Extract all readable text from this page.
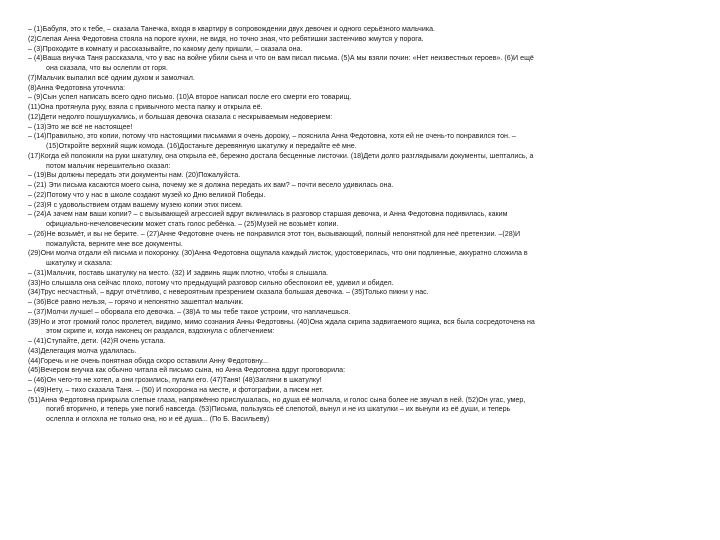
– (1)Бабуля, это к тебе, – сказала Танечка, входя в квартиру в сопровождении двух девочек и одного серьёзного мальчика.
(2)Слепая Анна Федотовна стояла на пороге кухни, не видя, но точно зная, что ребятишки застенчиво жмутся у порога.
– (3)Проходите в комнату и рассказывайте, по какому делу пришли, – сказала она.
– (4)Ваша внучка Таня рассказала, что у вас на войне убили сына и что он вам писал письма. (5)А мы взяли почин: «Нет неизвестных героев». (6)И ещё
она сказала, что вы ослепли от горя.
(7)Мальчик выпалил всё одним духом и замолчал.
(8)Анна Федотовна уточнила:
– (9)Сын успел написать всего одно письмо. (10)А второе написал после его смерти его товарищ.
(11)Она протянула руку, взяла с привычного места папку и открыла её.
(12)Дети недолго пошушукались, и большая девочка сказала с нескрываемым недоверием:
– (13)Это же всё не настоящее!
– (14)Правильно, это копии, потому что настоящими письмами я очень дорожу, – пояснила Анна Федотовна, хотя ей не очень-то понравился тон. –
(15)Откройте верхний ящик комода. (16)Достаньте деревянную шкатулку и передайте её мне.
(17)Когда ей положили на руки шкатулку, она открыла её, бережно достала бесценные листочки. (18)Дети долго разглядывали документы, шептались, а
потом мальчик нерешительно сказал:
– (19)Вы должны передать эти документы нам. (20)Пожалуйста.
– (21) Эти письма касаются моего сына, почему же я должна передать их вам? – почти весело удивилась она.
– (22)Потому что у нас в школе создают музей ко Дню великой Победы.
– (23)Я с удовольствием отдам вашему музею копии этих писем.
– (24)А зачем нам ваши копии? – с вызывающей агрессией вдруг вклинилась в разговор старшая девочка, и Анна Федотовна подивилась, каким
официально-нечеловеческим может стать голос ребёнка. – (25)Музей не возьмёт копии.
– (26)Не возьмёт, и вы не берите. – (27)Анне Федотовне очень не понравился этот тон, вызывающий, полный непонятной для неё претензии. –(28)И
пожалуйста, верните мне все документы.
(29)Они молча отдали ей письма и похоронку. (30)Анна Федотовна ощупала каждый листок, удостоверилась, что они подлинные, аккуратно сложила в
шкатулку и сказала:
– (31)Мальчик, поставь шкатулку на место. (32) И задвинь ящик плотно, чтобы я слышала.
(33)Но слышала она сейчас плохо, потому что предыдущий разговор сильно обеспокоил её, удивил и обидел.
(34)Трус несчастный, – вдруг отчётливо, с невероятным презрением сказала большая девочка. – (35)Только пикни у нас.
– (36)Всё равно нельзя, – горячо и непонятно зашептал мальчик.
– (37)Молчи лучше! – оборвала его девочка. – (38)А то мы тебе такое устроим, что наплачешься.
(39)Но и этот громкий голос пролетел, видимо, мимо сознания Анны Федотовны. (40)Она ждала скрипа задвигаемого ящика, вся была сосредоточена на
этом скрипе и, когда наконец он раздался, вздохнула с облегчением:
– (41)Ступайте, дети. (42)Я очень устала.
(43)Делегация молча удалилась.
(44)Горечь и не очень понятная обида скоро оставили Анну Федотовну...
(45)Вечером внучка как обычно читала ей письмо сына, но Анна Федотовна вдруг проговорила:
– (46)Он чего-то не хотел, а они грозились, пугали его. (47)Таня! (48)Загляни в шкатулку!
– (49)Нету, – тихо сказала Таня. – (50) И похоронка на месте, и фотографии, а писем нет.
(51)Анна Федотовна прикрыла слепые глаза, напряжённо прислушалась, но душа её молчала, и голос сына более не звучал в ней. (52)Он угас, умер,
погиб вторично, и теперь уже погиб навсегда. (53)Письма, пользуясь её слепотой, вынул и не из шкатулки – их вынули из её души, и теперь
ослепла и оглохла не только она, но и её душа... (По Б. Васильеву)
